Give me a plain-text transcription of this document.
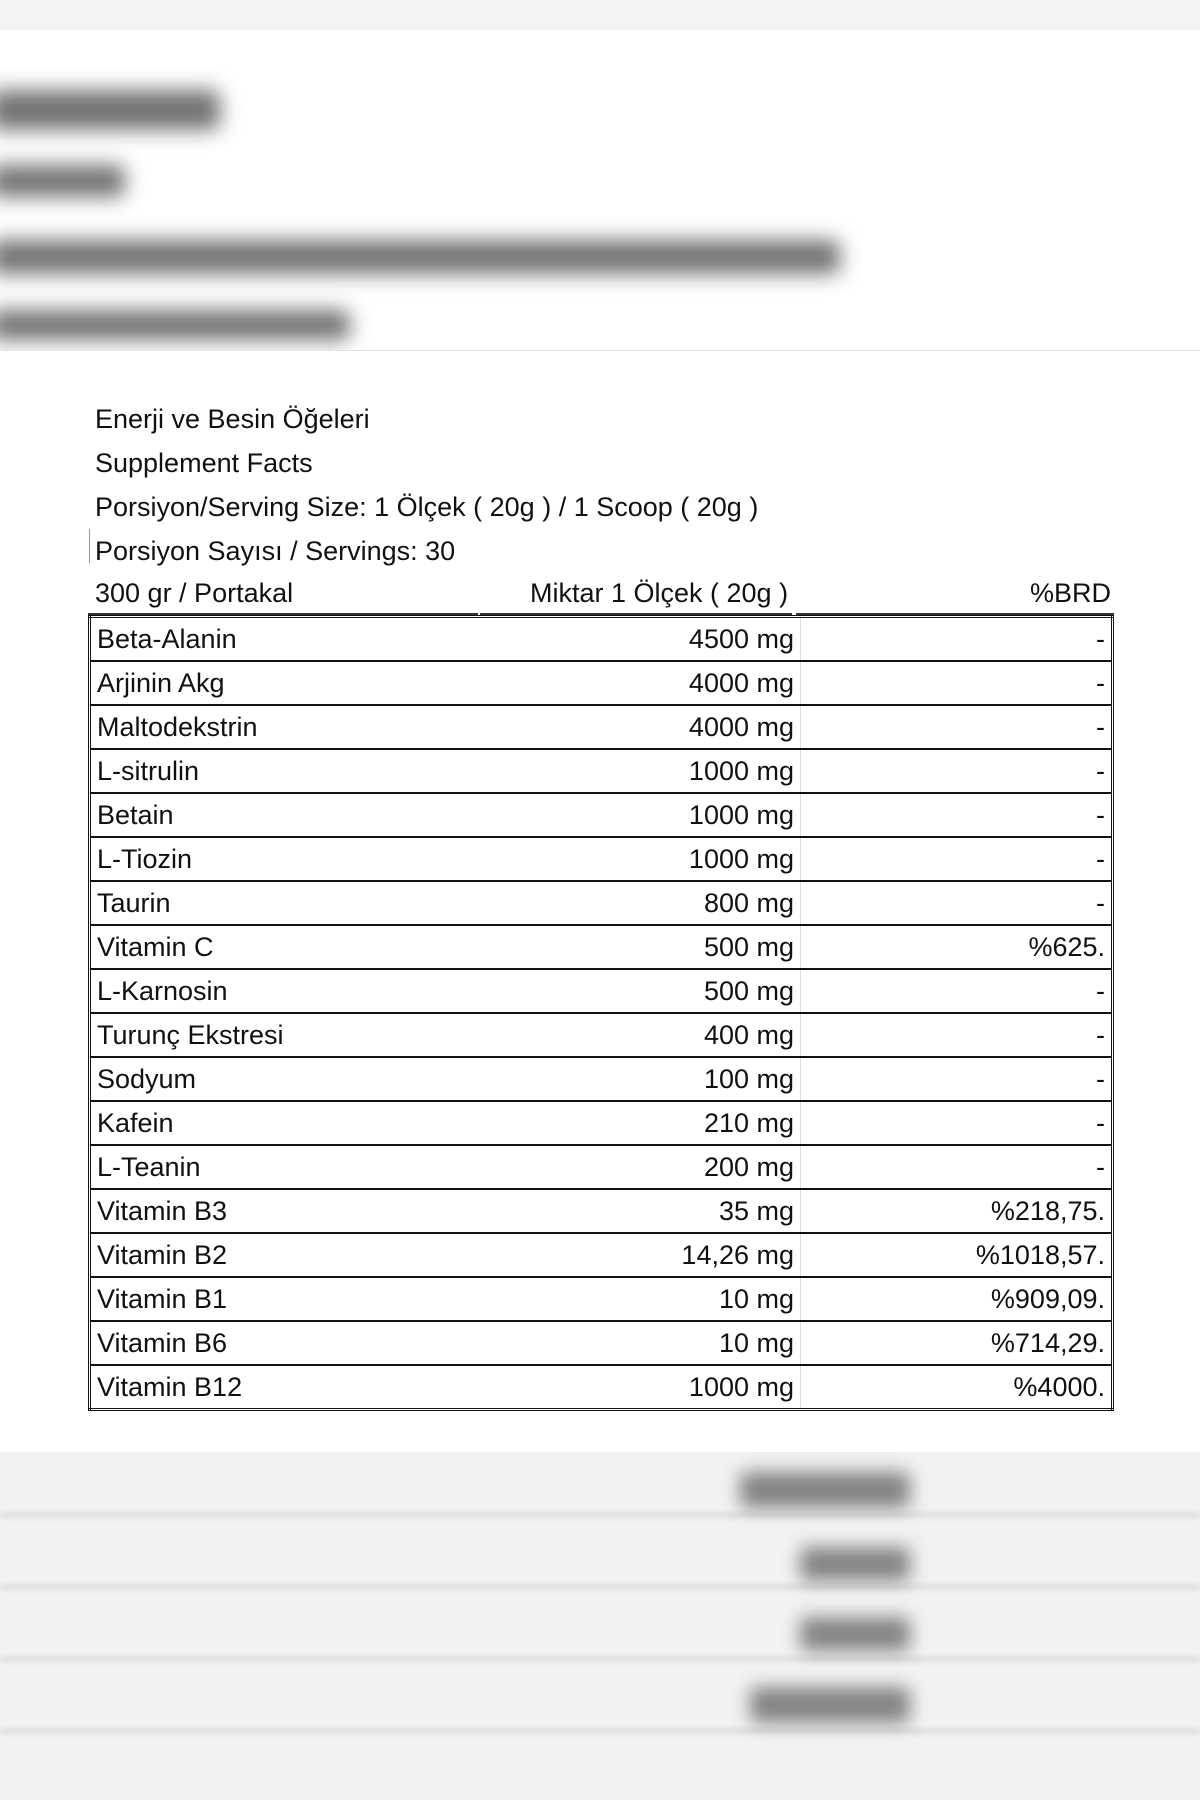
Enerji ve Besin Öğeleri
Supplement Facts
Porsiyon/Serving Size: 1 Ölçek ( 20g ) / 1 Scoop ( 20g )
Porsiyon Sayısı / Servings: 30
300 gr / Portakal	Miktar 1 Ölçek ( 20g )	%BRD
Beta-Alanin	4500 mg	-
Arjinin Akg	4000 mg	-
Maltodekstrin	4000 mg	-
L-sitrulin	1000 mg	-
Betain	1000 mg	-
L-Tiozin	1000 mg	-
Taurin	800 mg	-
Vitamin C	500 mg	%625.
L-Karnosin	500 mg	-
Turunç Ekstresi	400 mg	-
Sodyum	100 mg	-
Kafein	210 mg	-
L-Teanin	200 mg	-
Vitamin B3	35 mg	%218,75.
Vitamin B2	14,26 mg	%1018,57.
Vitamin B1	10 mg	%909,09.
Vitamin B6	10 mg	%714,29.
Vitamin B12	1000 mg	%4000.
